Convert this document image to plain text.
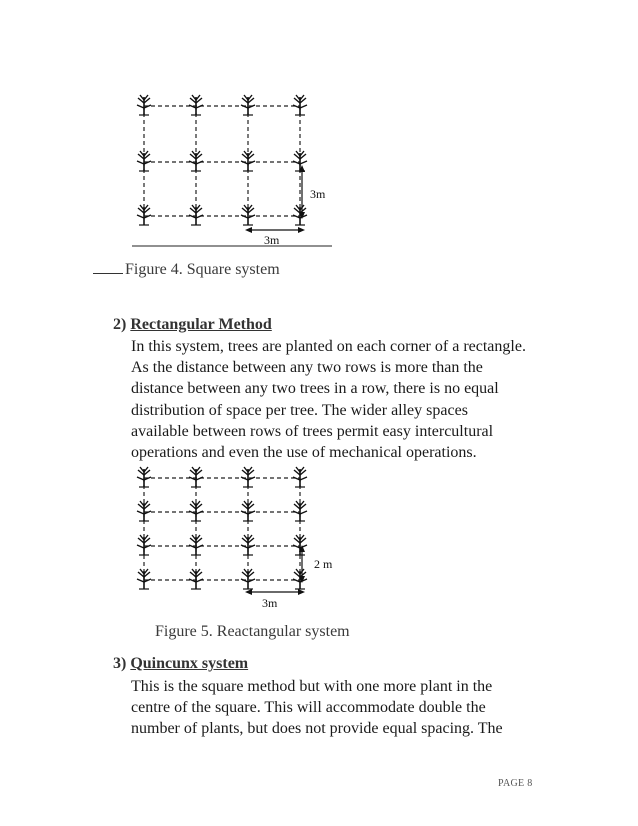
3m
3m
Figure 4. Square system
2) Rectangular Method
In this system, trees are planted on each corner of a rectangle.
As the distance between any two rows is more than the
distance between any two trees in a row, there is no equal
distribution of space per tree. The wider alley spaces
available between rows of trees permit easy intercultural
operations and even the use of mechanical operations.
2 m
3m
Figure 5. Reactangular system
3) Quincunx system
This is the square method but with one more plant in the
centre of the square. This will accommodate double the
number of plants, but does not provide equal spacing. The
PAGE 8
